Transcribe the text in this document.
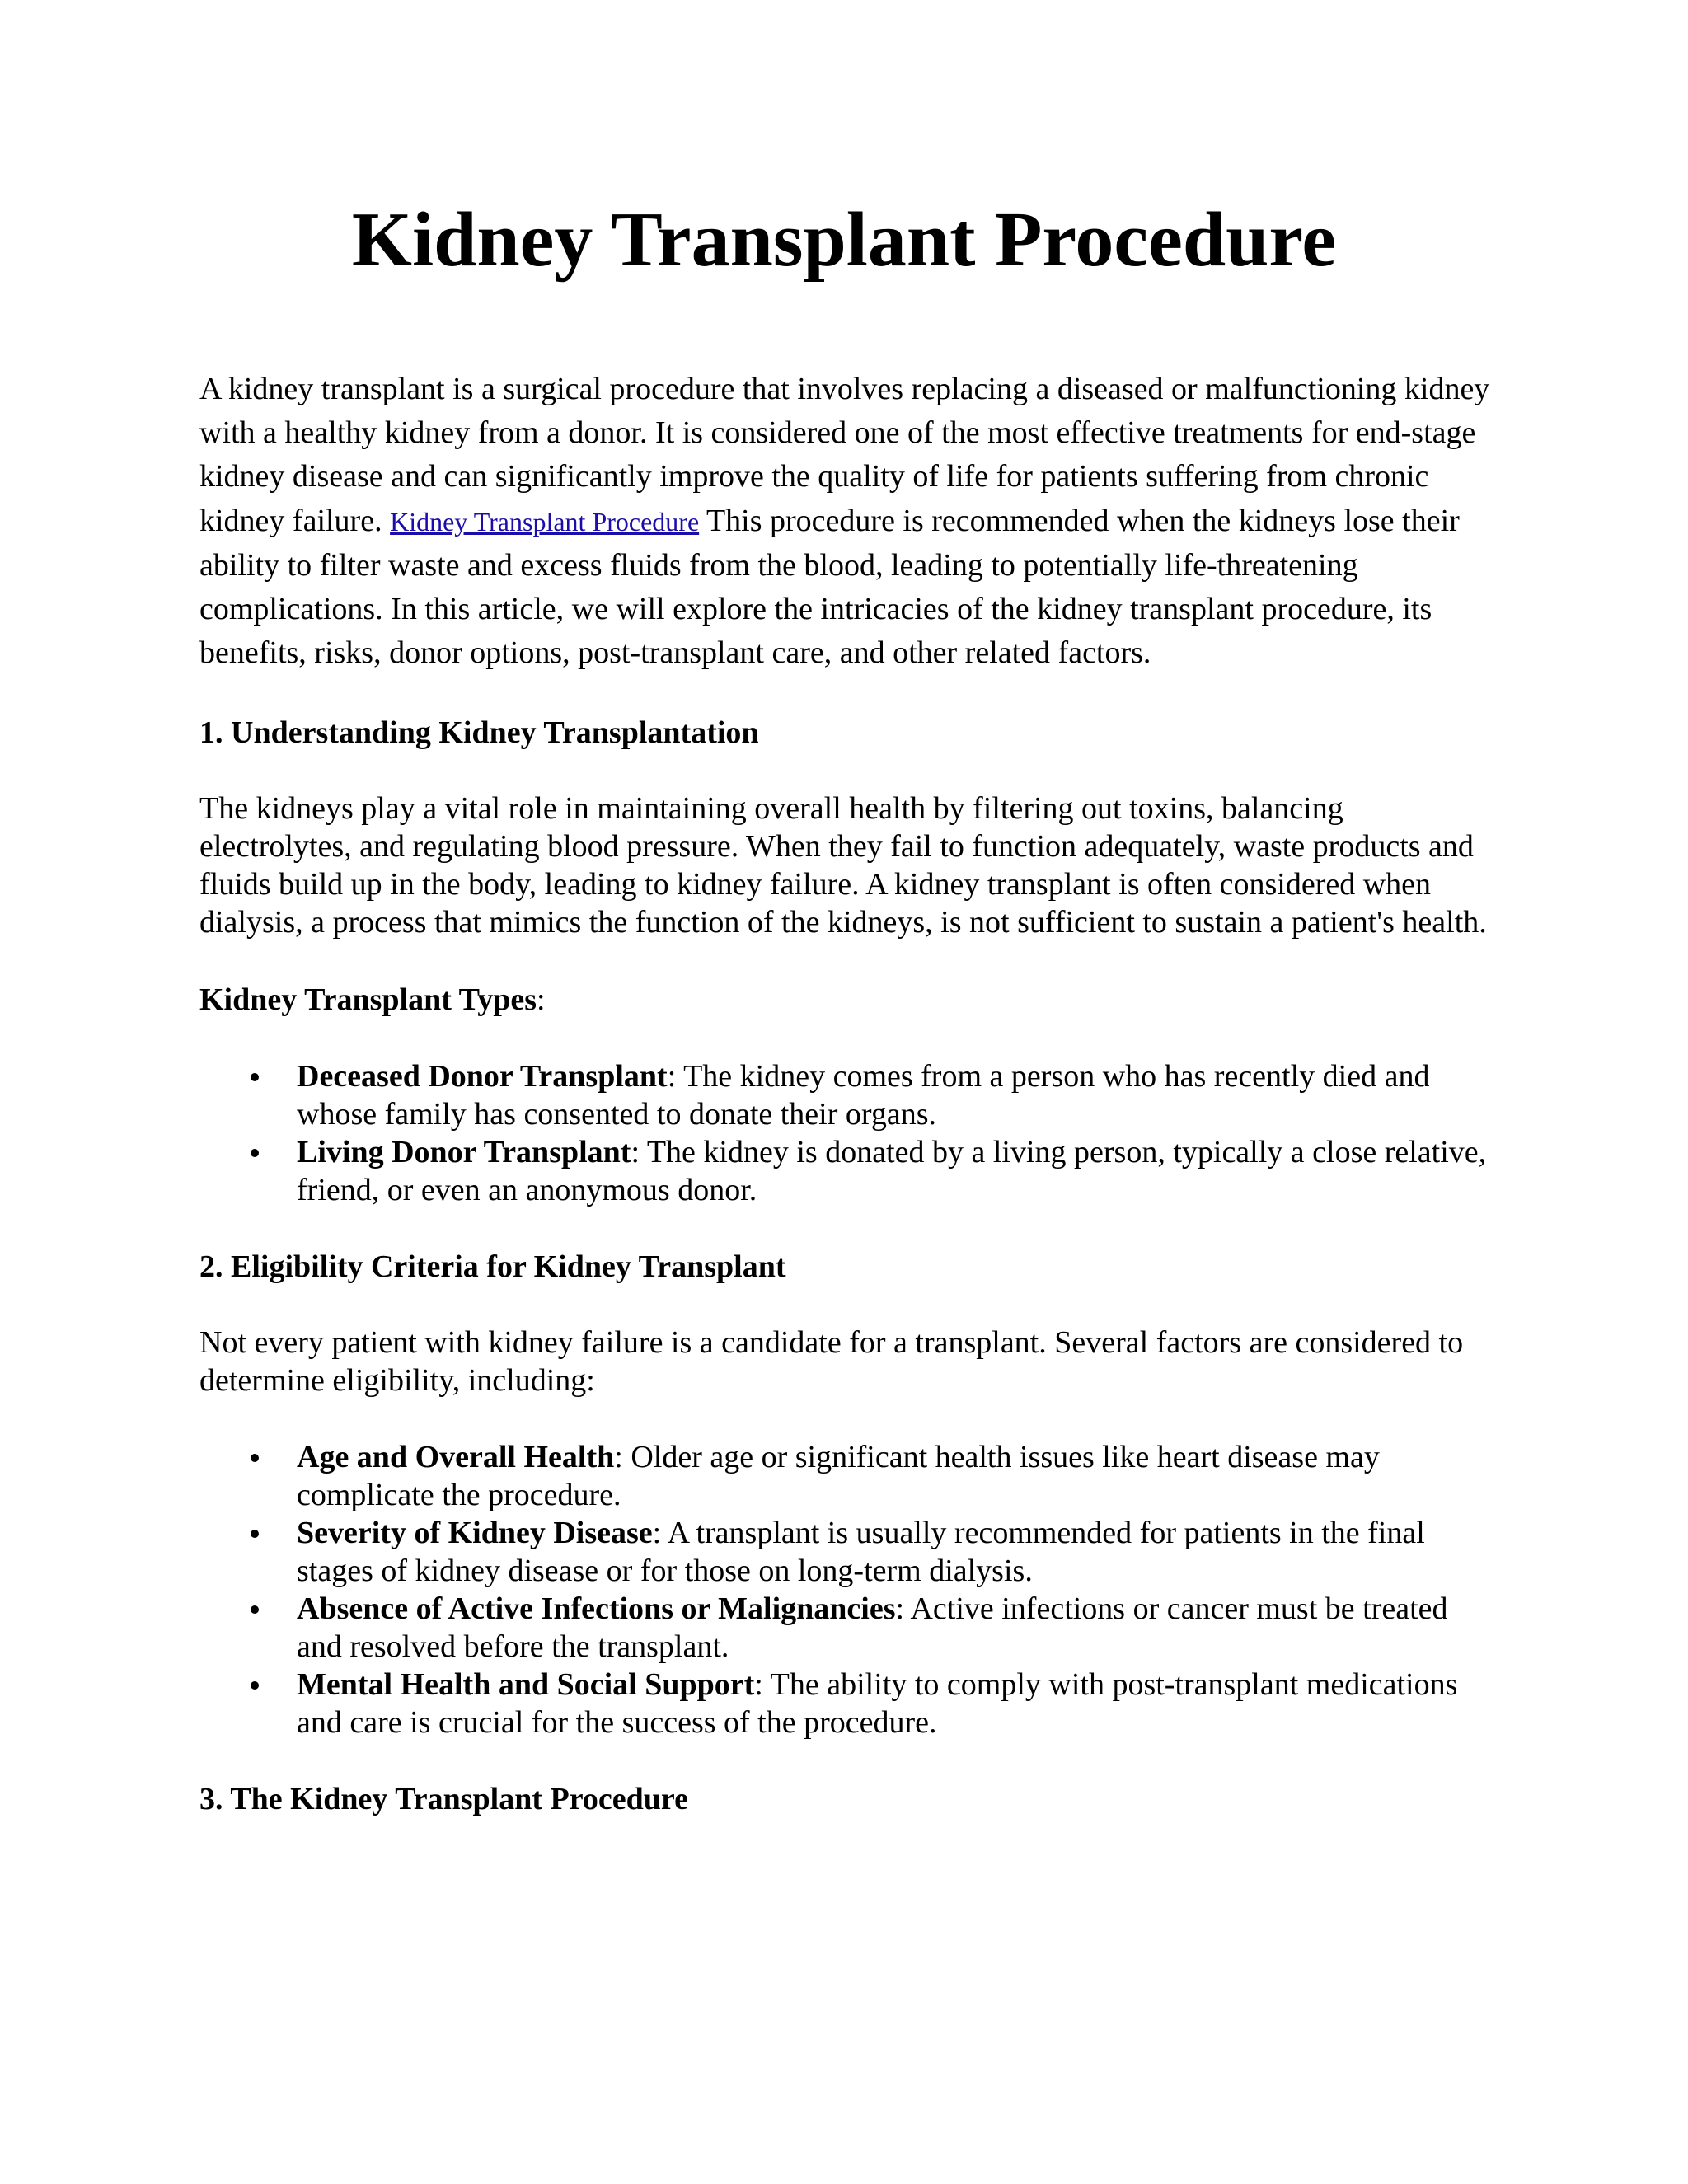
Kidney Transplant Procedure

A kidney transplant is a surgical procedure that involves replacing a diseased or malfunctioning kidney with a healthy kidney from a donor. It is considered one of the most effective treatments for end-stage kidney disease and can significantly improve the quality of life for patients suffering from chronic kidney failure. Kidney Transplant Procedure This procedure is recommended when the kidneys lose their ability to filter waste and excess fluids from the blood, leading to potentially life-threatening complications. In this article, we will explore the intricacies of the kidney transplant procedure, its benefits, risks, donor options, post-transplant care, and other related factors.

1. Understanding Kidney Transplantation

The kidneys play a vital role in maintaining overall health by filtering out toxins, balancing electrolytes, and regulating blood pressure. When they fail to function adequately, waste products and fluids build up in the body, leading to kidney failure. A kidney transplant is often considered when dialysis, a process that mimics the function of the kidneys, is not sufficient to sustain a patient's health.

Kidney Transplant Types:

Deceased Donor Transplant: The kidney comes from a person who has recently died and whose family has consented to donate their organs.
Living Donor Transplant: The kidney is donated by a living person, typically a close relative, friend, or even an anonymous donor.
2. Eligibility Criteria for Kidney Transplant

Not every patient with kidney failure is a candidate for a transplant. Several factors are considered to determine eligibility, including:

Age and Overall Health: Older age or significant health issues like heart disease may complicate the procedure.
Severity of Kidney Disease: A transplant is usually recommended for patients in the final stages of kidney disease or for those on long-term dialysis.
Absence of Active Infections or Malignancies: Active infections or cancer must be treated and resolved before the transplant.
Mental Health and Social Support: The ability to comply with post-transplant medications and care is crucial for the success of the procedure.
3. The Kidney Transplant Procedure
